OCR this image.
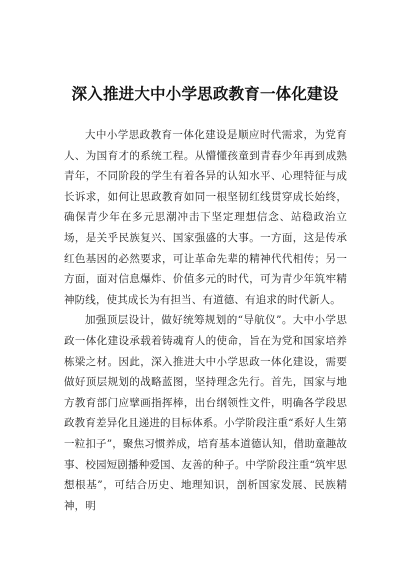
深入推进大中小学思政教育一体化建设

大中小学思政教育一体化建设是顺应时代需求，为党育人、为国育才的系统工程。从懵懂孩童到青春少年再到成熟青年，不同阶段的学生有着各异的认知水平、心理特征与成长诉求，如何让思政教育如同一根坚韧红线贯穿成长始终，确保青少年在多元思潮冲击下坚定理想信念、站稳政治立场，是关乎民族复兴、国家强盛的大事。一方面，这是传承红色基因的必然要求，可让革命先辈的精神代代相传；另一方面，面对信息爆炸、价值多元的时代，可为青少年筑牢精神防线，使其成长为有担当、有道德、有追求的时代新人。

加强顶层设计，做好统筹规划的“导航仪”。大中小学思政一体化建设承载着铸魂育人的使命，旨在为党和国家培养栋梁之材。因此，深入推进大中小学思政一体化建设，需要做好顶层规划的战略蓝图，坚持理念先行。首先，国家与地方教育部门应擘画指挥棒，出台纲领性文件，明确各学段思政教育差异化且递进的目标体系。小学阶段注重“系好人生第一粒扣子”，聚焦习惯养成，培育基本道德认知，借助童趣故事、校园短剧播种爱国、友善的种子。中学阶段注重“筑牢思想根基”，可结合历史、地理知识，剖析国家发展、民族精神，明
